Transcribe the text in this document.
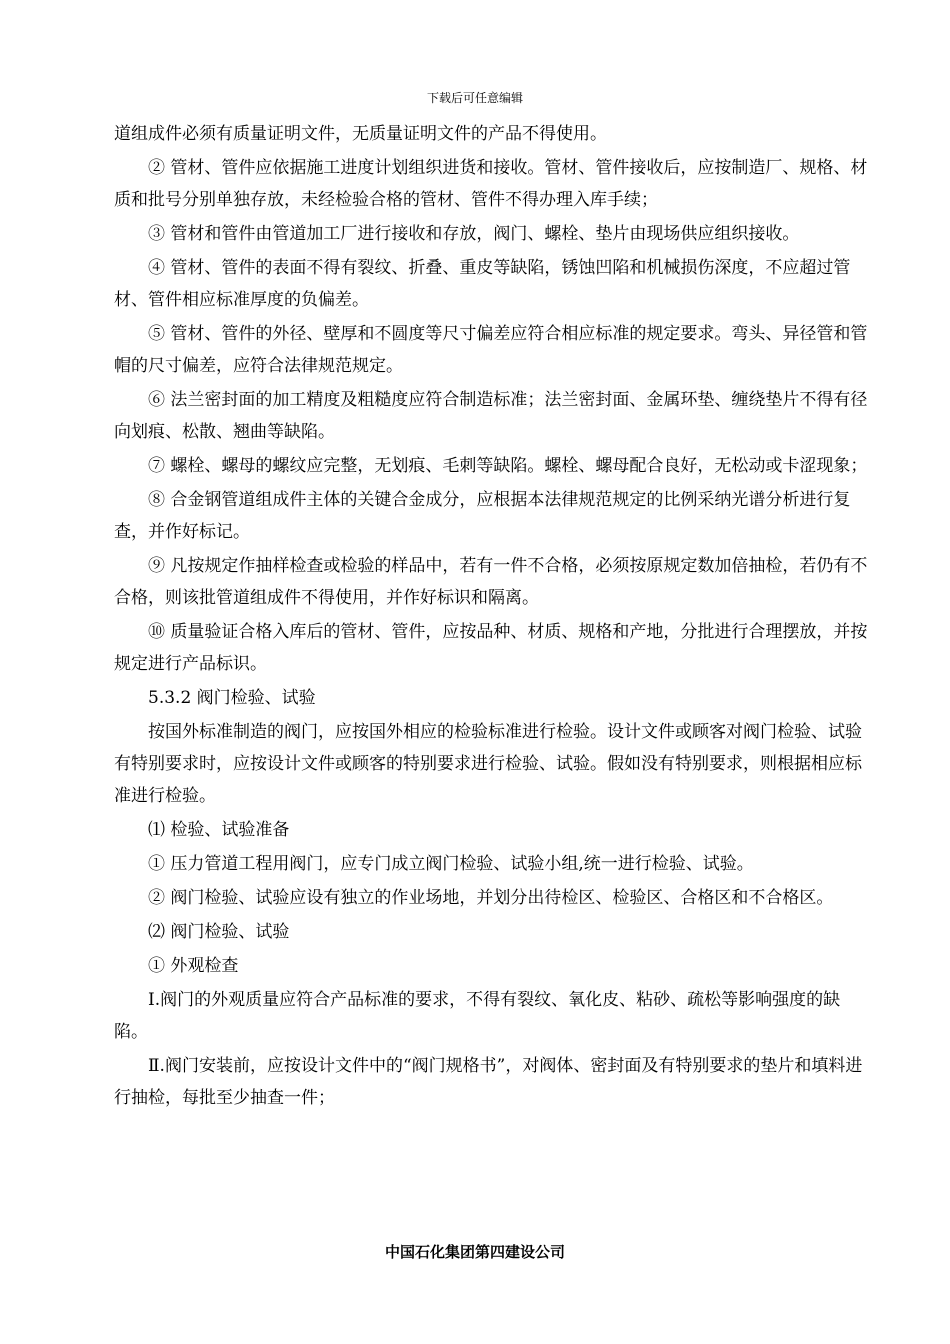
下载后可任意编辑

道组成件必须有质量证明文件，无质量证明文件的产品不得使用。

② 管材、管件应依据施工进度计划组织进货和接收。管材、管件接收后，应按制造厂、规格、材质和批号分别单独存放，未经检验合格的管材、管件不得办理入库手续；

③ 管材和管件由管道加工厂进行接收和存放，阀门、螺栓、垫片由现场供应组织接收。

④ 管材、管件的表面不得有裂纹、折叠、重皮等缺陷，锈蚀凹陷和机械损伤深度，不应超过管材、管件相应标准厚度的负偏差。

⑤ 管材、管件的外径、壁厚和不圆度等尺寸偏差应符合相应标准的规定要求。弯头、异径管和管帽的尺寸偏差，应符合法律规范规定。

⑥ 法兰密封面的加工精度及粗糙度应符合制造标准；法兰密封面、金属环垫、缠绕垫片不得有径向划痕、松散、翘曲等缺陷。

⑦ 螺栓、螺母的螺纹应完整，无划痕、毛刺等缺陷。螺栓、螺母配合良好，无松动或卡涩现象；

⑧ 合金钢管道组成件主体的关键合金成分，应根据本法律规范规定的比例采纳光谱分析进行复查，并作好标记。

⑨ 凡按规定作抽样检查或检验的样品中，若有一件不合格，必须按原规定数加倍抽检，若仍有不合格，则该批管道组成件不得使用，并作好标识和隔离。

⑩ 质量验证合格入库后的管材、管件，应按品种、材质、规格和产地，分批进行合理摆放，并按规定进行产品标识。

5.3.2 阀门检验、试验

按国外标准制造的阀门，应按国外相应的检验标准进行检验。设计文件或顾客对阀门检验、试验有特别要求时，应按设计文件或顾客的特别要求进行检验、试验。假如没有特别要求，则根据相应标准进行检验。

⑴ 检验、试验准备

① 压力管道工程用阀门，应专门成立阀门检验、试验小组,统一进行检验、试验。

② 阀门检验、试验应设有独立的作业场地，并划分出待检区、检验区、合格区和不合格区。

⑵ 阀门检验、试验

① 外观检查

Ⅰ.阀门的外观质量应符合产品标准的要求，不得有裂纹、氧化皮、粘砂、疏松等影响强度的缺陷。

Ⅱ.阀门安装前，应按设计文件中的“阀门规格书”，对阀体、密封面及有特别要求的垫片和填料进行抽检，每批至少抽查一件；

中国石化集团第四建设公司
